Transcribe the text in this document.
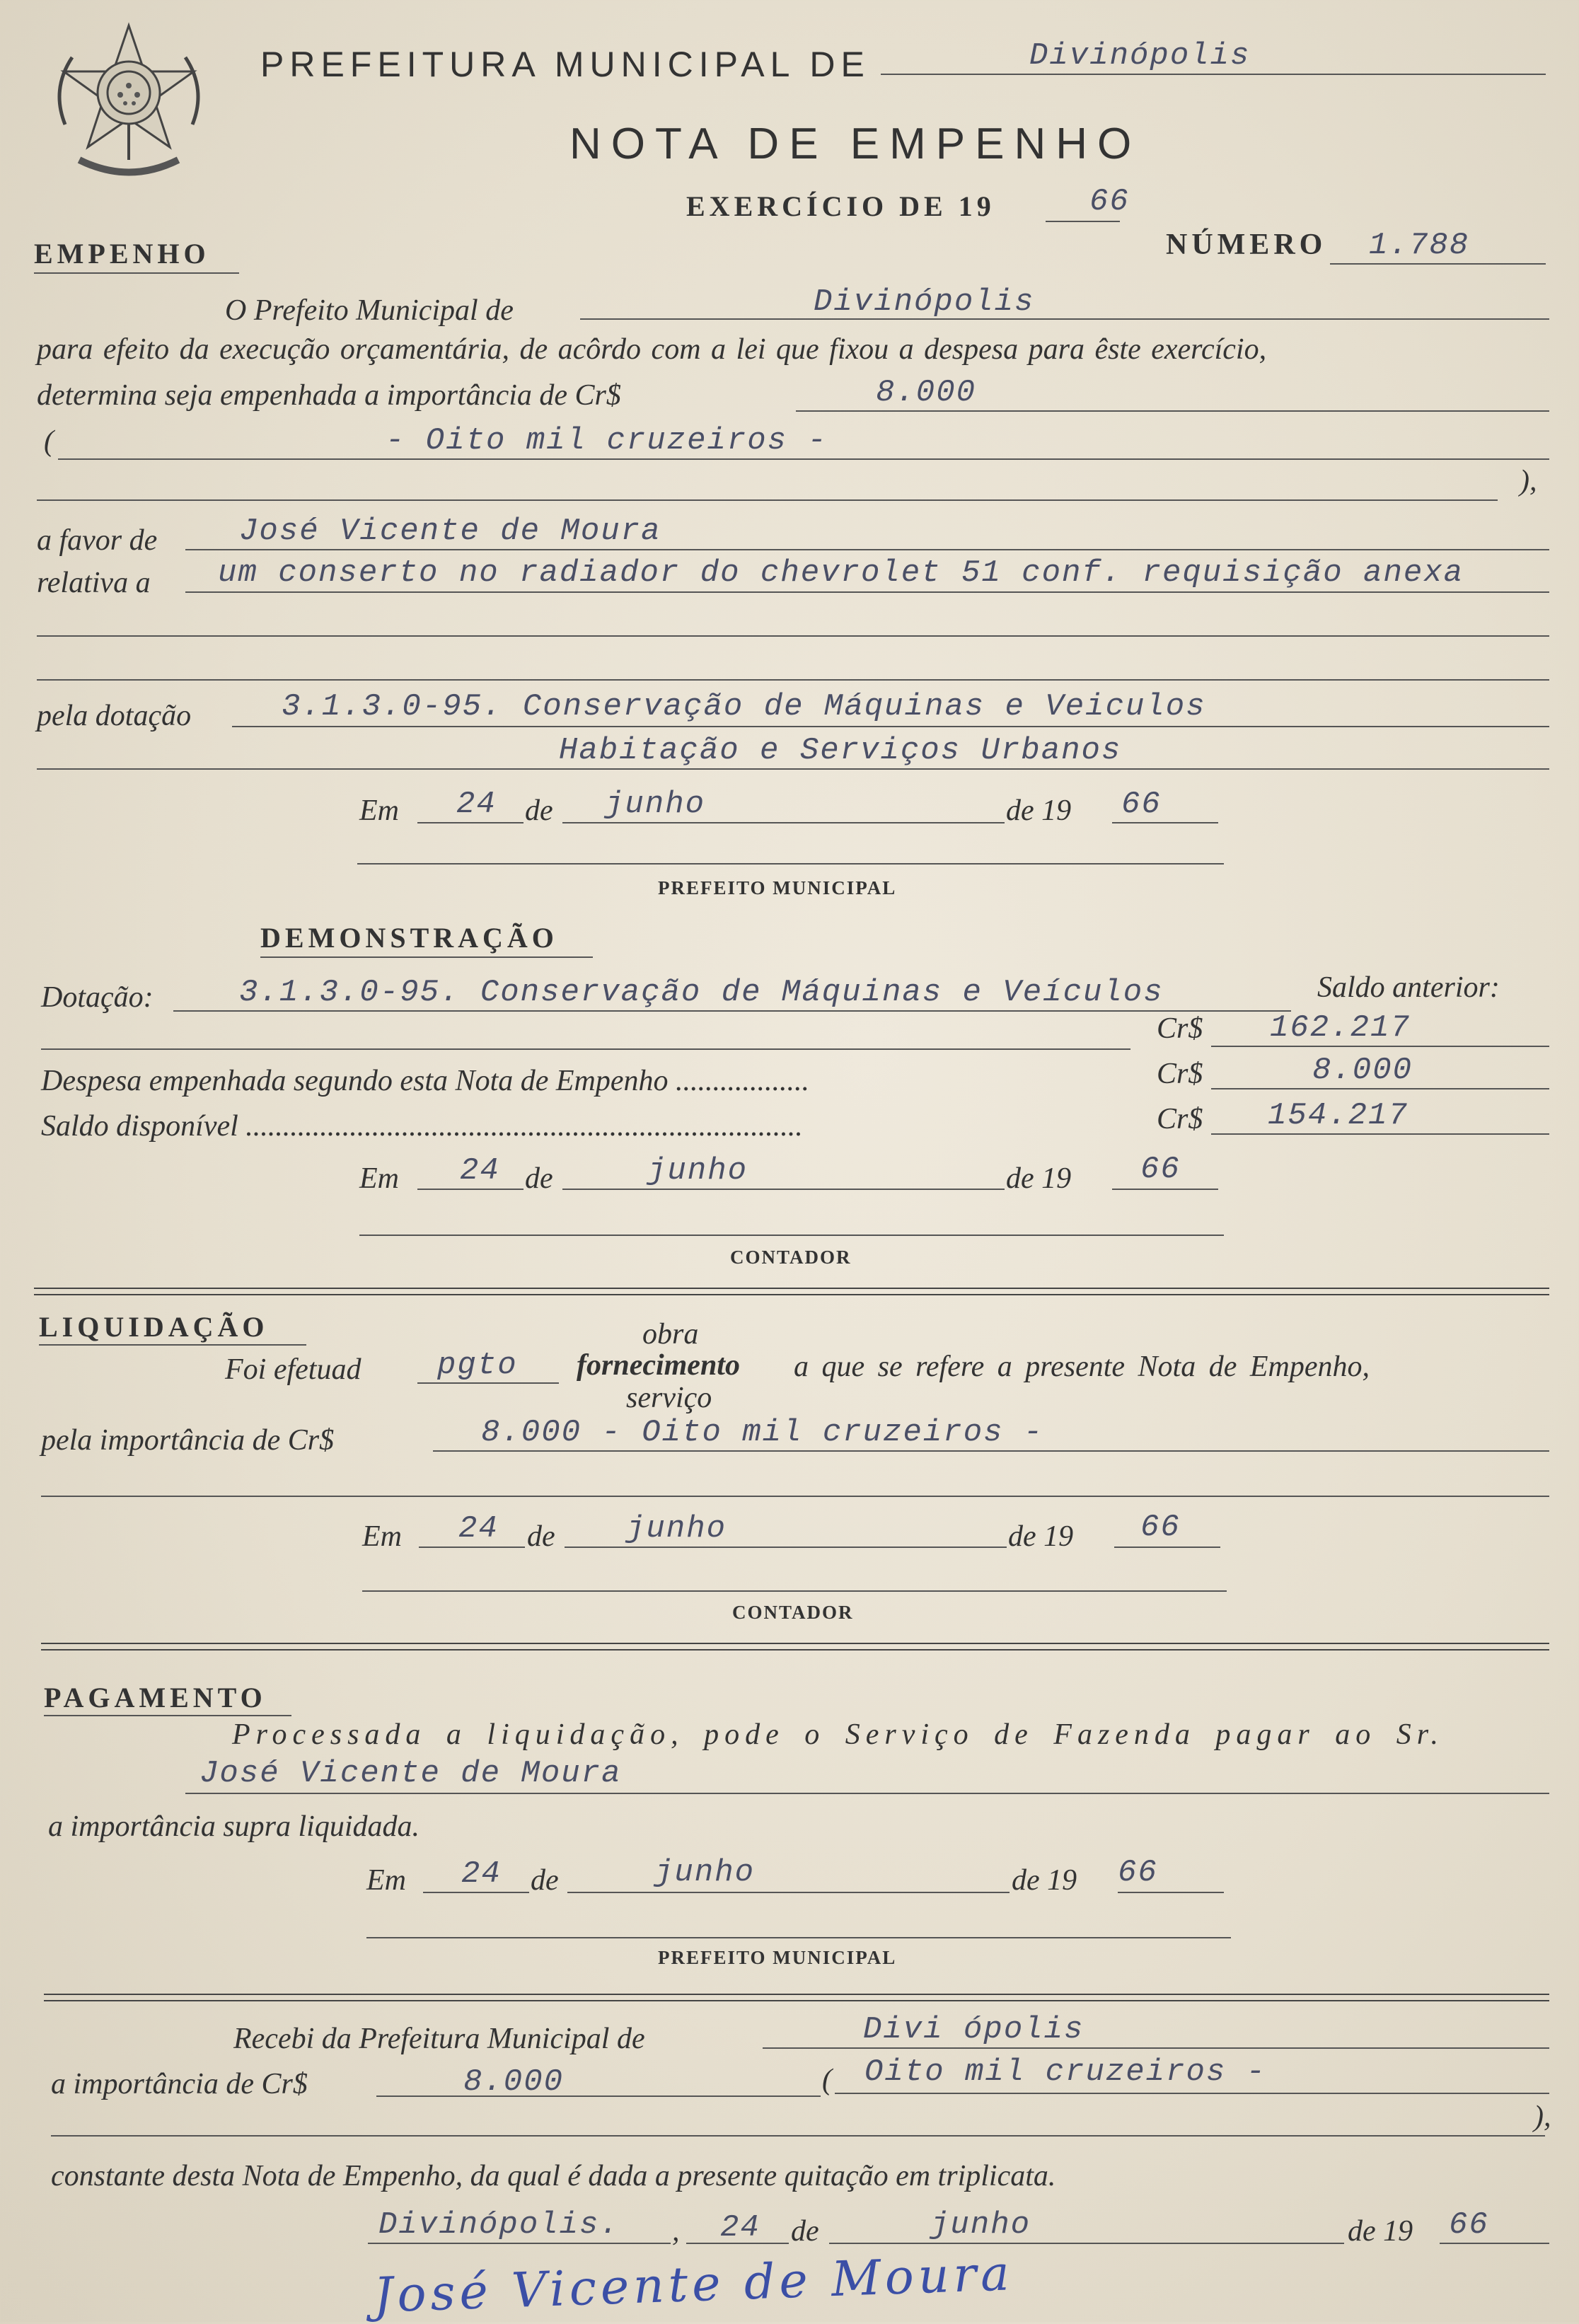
PREFEITURA MUNICIPAL DE	Divinópolis
NOTA DE EMPENHO
EXERCÍCIO DE 19	66
EMPENHO	NÚMERO 1.788
O Prefeito Municipal de	Divinópolis
para efeito da execução orçamentária, de acôrdo com a lei que fixou a despesa para êste exercício,
determina seja empenhada a importância de Cr$	8.000
(	- Oito mil cruzeiros -
),
a favor de	José Vicente de Moura
relativa a um conserto no radiador do chevrolet 51 conf. requisição anexa
pela dotação	3.1.3.0-95. Conservação de Máquinas e Veiculos
Habitação e Serviços Urbanos
Em 24 de junho	de 19 66
PREFEITO MUNICIPAL
DEMONSTRAÇÃO
Dotação:	3.1.3.0-95. Conservação de Máquinas e Veículos	Saldo anterior:
Cr$ 162.217
Despesa empenhada segundo esta Nota de Empenho ..................	Cr$	8.000
Saldo disponível ...........................................................................	Cr$ 154.217
Em 24 de	junho	de 19 66
CONTADOR
LIQUIDAÇÃO	obra
Foi efetuad pgto fornecimento a que se refere a presente Nota de Empenho,
serviço
pela importância de Cr$	8.000 - Oito mil cruzeiros -
Em 24 de junho	de 19 66
CONTADOR
PAGAMENTO
Processada a liquidação, pode o Serviço de Fazenda pagar ao Sr.
José Vicente de Moura
a importância supra liquidada.
Em 24 de	junho	de 19 66
PREFEITO MUNICIPAL
Recebi da Prefeitura Municipal de	Divi ópolis
a importância de Cr$	8.000	( Oito mil cruzeiros -
),
constante desta Nota de Empenho, da qual é dada a presente quitação em triplicata.
Divinópolis. , 24 de	junho	de 19 66
José Vicente de Moura
